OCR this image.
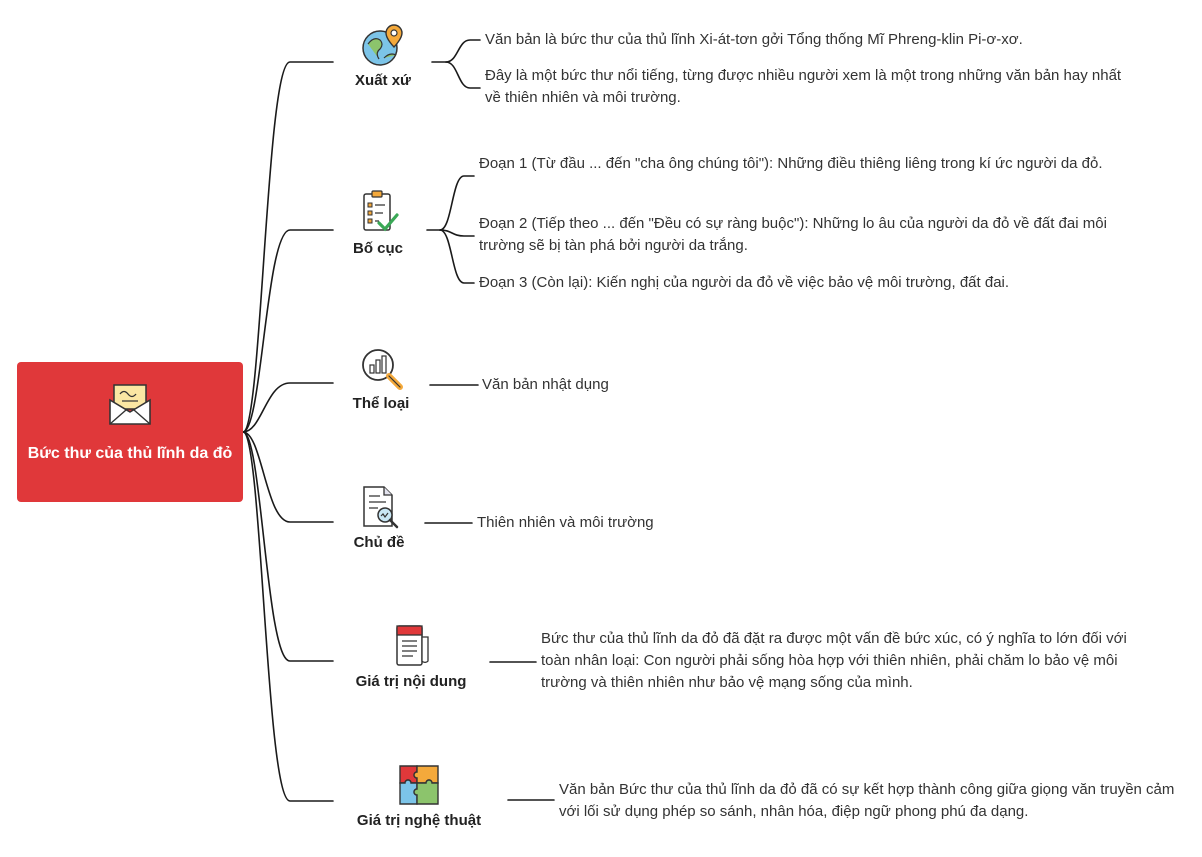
Bức thư của thủ lĩnh da đỏ
Loi
Xuất xứ
Văn bản là bức thư của thủ lĩnh Xi-át-tơn gởi Tổng thống Mĩ Phreng-klin Pi-ơ-xơ.
Đây là một bức thư nổi tiếng, từng được nhiều người xem là một trong những văn bản hay nhất về thiên nhiên và môi trường.
Bố cục
Đoạn 1 (Từ đầu ... đến "cha ông chúng tôi"): Những điều thiêng liêng trong kí ức người da đỏ.
Đoạn 2 (Tiếp theo ... đến "Đều có sự ràng buộc"): Những lo âu của người da đỏ về đất đai môi trường sẽ bị tàn phá bởi người da trắng.
Đoạn 3 (Còn lại): Kiến nghị của người da đỏ về việc bảo vệ môi trường, đất đai.
Thể loại
Văn bản nhật dụng
Chủ đề
Thiên nhiên và môi trường
Giá trị nội dung
Bức thư của thủ lĩnh da đỏ đã đặt ra được một vấn đề bức xúc, có ý nghĩa to lớn đối với toàn nhân loại: Con người phải sống hòa hợp với thiên nhiên, phải chăm lo bảo vệ môi trường và thiên nhiên như bảo vệ mạng sống của mình.
Giá trị nghệ thuật
Văn bản Bức thư của thủ lĩnh da đỏ đã có sự kết hợp thành công giữa giọng văn truyền cảm với lối sử dụng phép so sánh, nhân hóa, điệp ngữ phong phú đa dạng.
